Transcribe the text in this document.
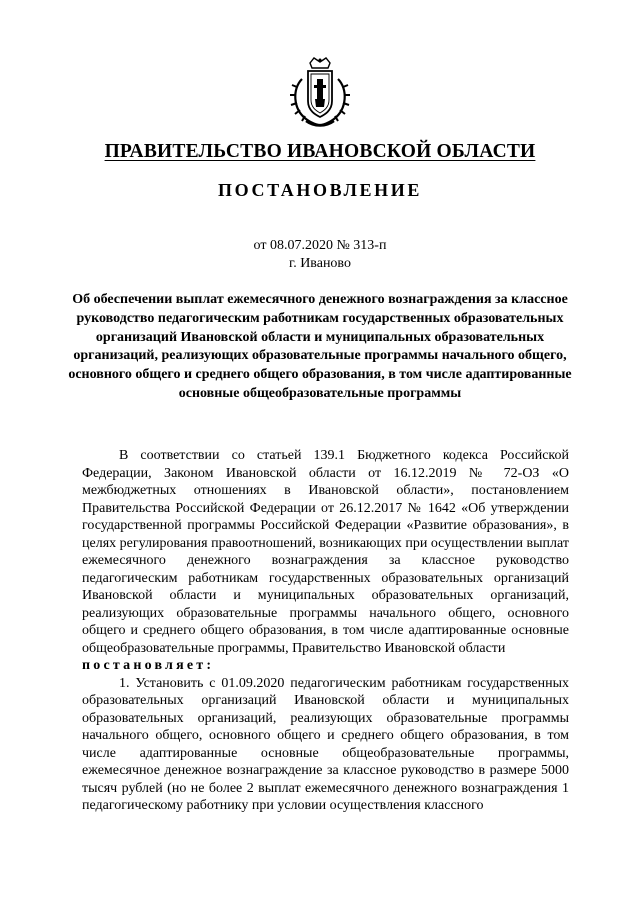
ПРАВИТЕЛЬСТВО ИВАНОВСКОЙ ОБЛАСТИ
ПОСТАНОВЛЕНИЕ
от 08.07.2020 № 313-п
г. Иваново
Об обеспечении выплат ежемесячного денежного вознаграждения за классное руководство педагогическим работникам государственных образовательных организаций Ивановской области и муниципальных образовательных организаций, реализующих образовательные программы начального общего, основного общего и среднего общего образования, в том числе адаптированные основные общеобразовательные программы

В соответствии со статьей 139.1 Бюджетного кодекса Российской Федерации, Законом Ивановской области от 16.12.2019 № 72-ОЗ «О межбюджетных отношениях в Ивановской области», постановлением Правительства Российской Федерации от 26.12.2017 № 1642 «Об утверждении государственной программы Российской Федерации «Развитие образования», в целях регулирования правоотношений, возникающих при осуществлении выплат ежемесячного денежного вознаграждения за классное руководство педагогическим работникам государственных образовательных организаций Ивановской области и муниципальных образовательных организаций, реализующих образовательные программы начального общего, основного общего и среднего общего образования, в том числе адаптированные основные общеобразовательные программы, Правительство Ивановской области

постановляет:

1. Установить с 01.09.2020 педагогическим работникам государственных образовательных организаций Ивановской области и муниципальных образовательных организаций, реализующих образовательные программы начального общего, основного общего и среднего общего образования, в том числе адаптированные основные общеобразовательные программы, ежемесячное денежное вознаграждение за классное руководство в размере 5000 тысяч рублей (но не более 2 выплат ежемесячного денежного вознаграждения 1 педагогическому работнику при условии осуществления классного
